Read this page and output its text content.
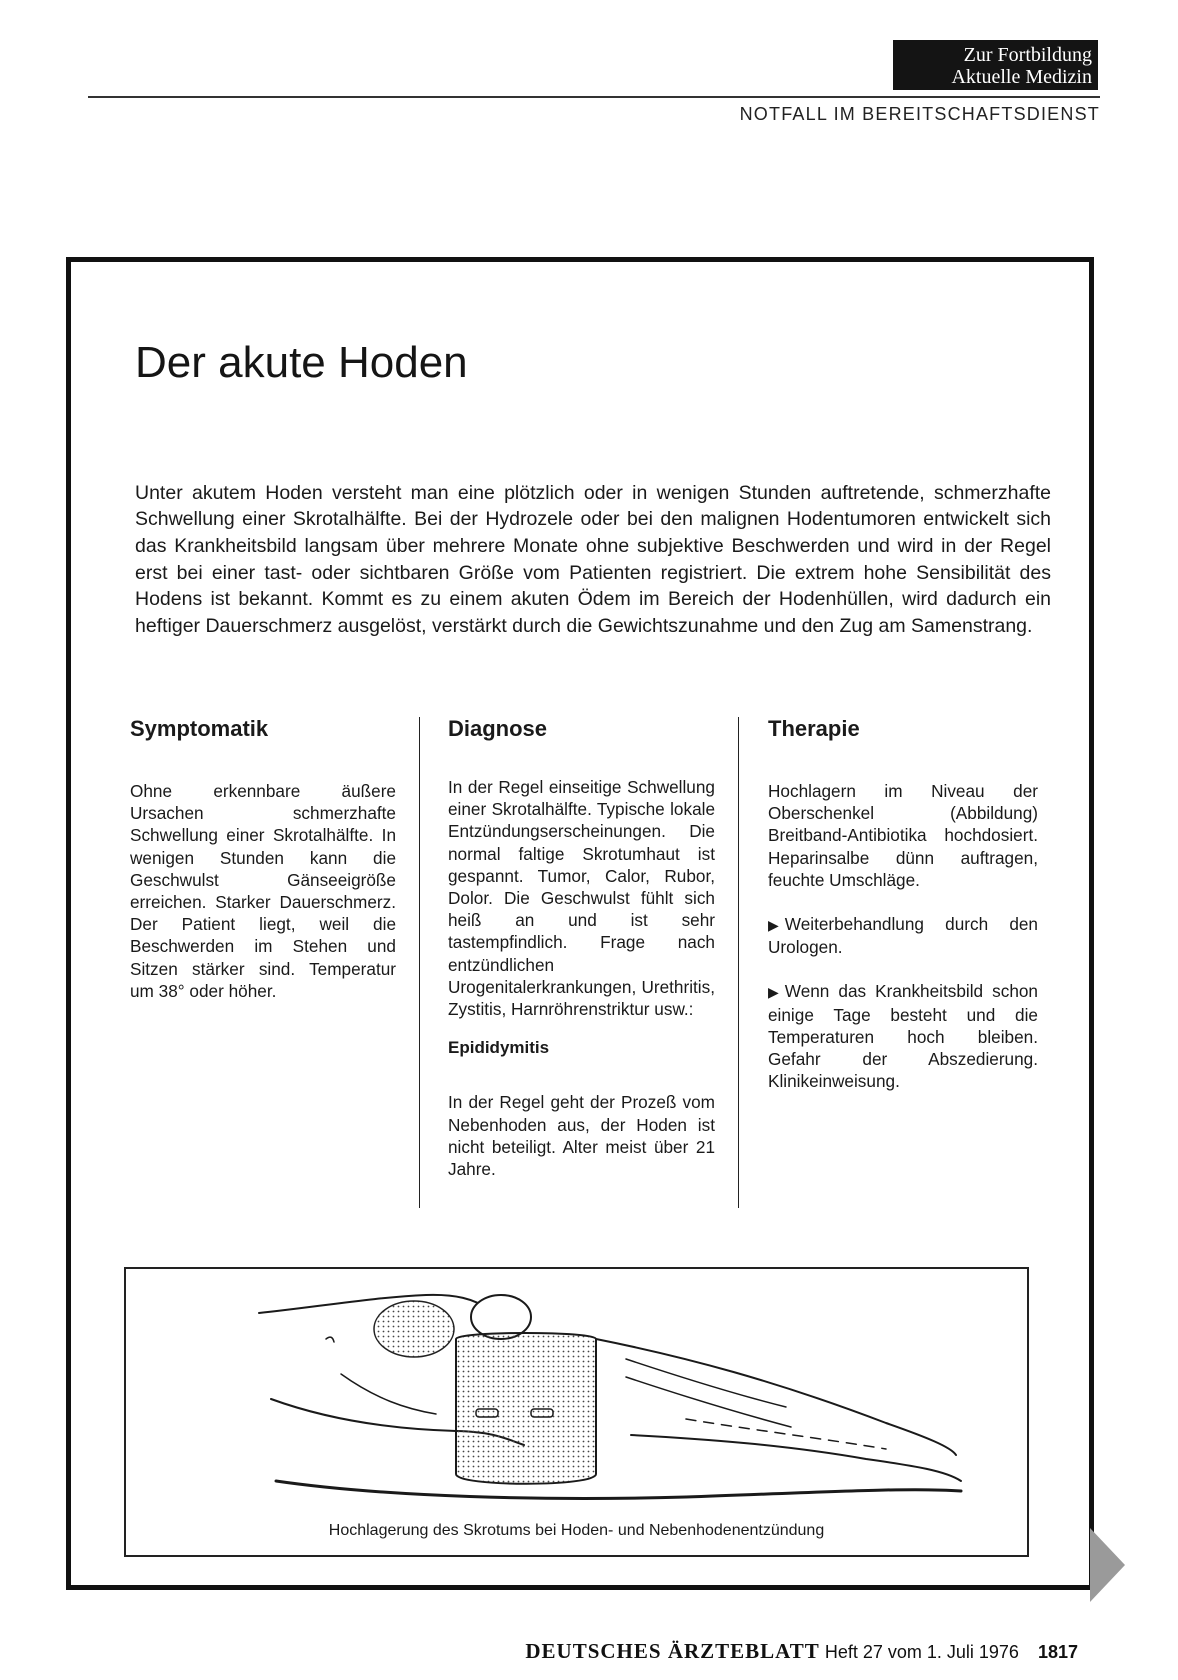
Zur Fortbildung
Aktuelle Medizin
NOTFALL IM BEREITSCHAFTSDIENST
Der akute Hoden

Unter akutem Hoden versteht man eine plötzlich oder in wenigen Stunden auftretende, schmerzhafte Schwellung einer Skrotalhälfte. Bei der Hydrozele oder bei den malignen Hodentumoren entwickelt sich das Krankheitsbild langsam über mehrere Monate ohne subjektive Beschwerden und wird in der Regel erst bei einer tast- oder sichtbaren Größe vom Patienten registriert. Die extrem hohe Sensibilität des Hodens ist bekannt. Kommt es zu einem akuten Ödem im Bereich der Hodenhüllen, wird dadurch ein heftiger Dauerschmerz ausgelöst, verstärkt durch die Gewichtszunahme und den Zug am Samenstrang.

Symptomatik

Ohne erkennbare äußere Ursachen schmerzhafte Schwellung einer Skrotalhälfte. In wenigen Stunden kann die Geschwulst Gänseeigröße erreichen. Starker Dauerschmerz. Der Patient liegt, weil die Beschwerden im Stehen und Sitzen stärker sind. Temperatur um 38° oder höher.

Diagnose

In der Regel einseitige Schwellung einer Skrotalhälfte. Typische lokale Entzündungserscheinungen. Die normal faltige Skrotumhaut ist gespannt. Tumor, Calor, Rubor, Dolor. Die Geschwulst fühlt sich heiß an und ist sehr tastempfindlich. Frage nach entzündlichen Urogenitalerkrankungen, Urethritis, Zystitis, Harnröhrenstriktur usw.:

Epididymitis

In der Regel geht der Prozeß vom Nebenhoden aus, der Hoden ist nicht beteiligt. Alter meist über 21 Jahre.

Therapie

Hochlagern im Niveau der Oberschenkel (Abbildung) Breitband-Antibiotika hochdosiert. Heparinsalbe dünn auftragen, feuchte Umschläge.

▶ Weiterbehandlung durch den Urologen.

▶ Wenn das Krankheitsbild schon einige Tage besteht und die Temperaturen hoch bleiben. Gefahr der Abszedierung. Klinikeinweisung.

Hochlagerung des Skrotums bei Hoden- und Nebenhodenentzündung
DEUTSCHES ÄRZTEBLATT Heft 27 vom 1. Juli 1976 1817
